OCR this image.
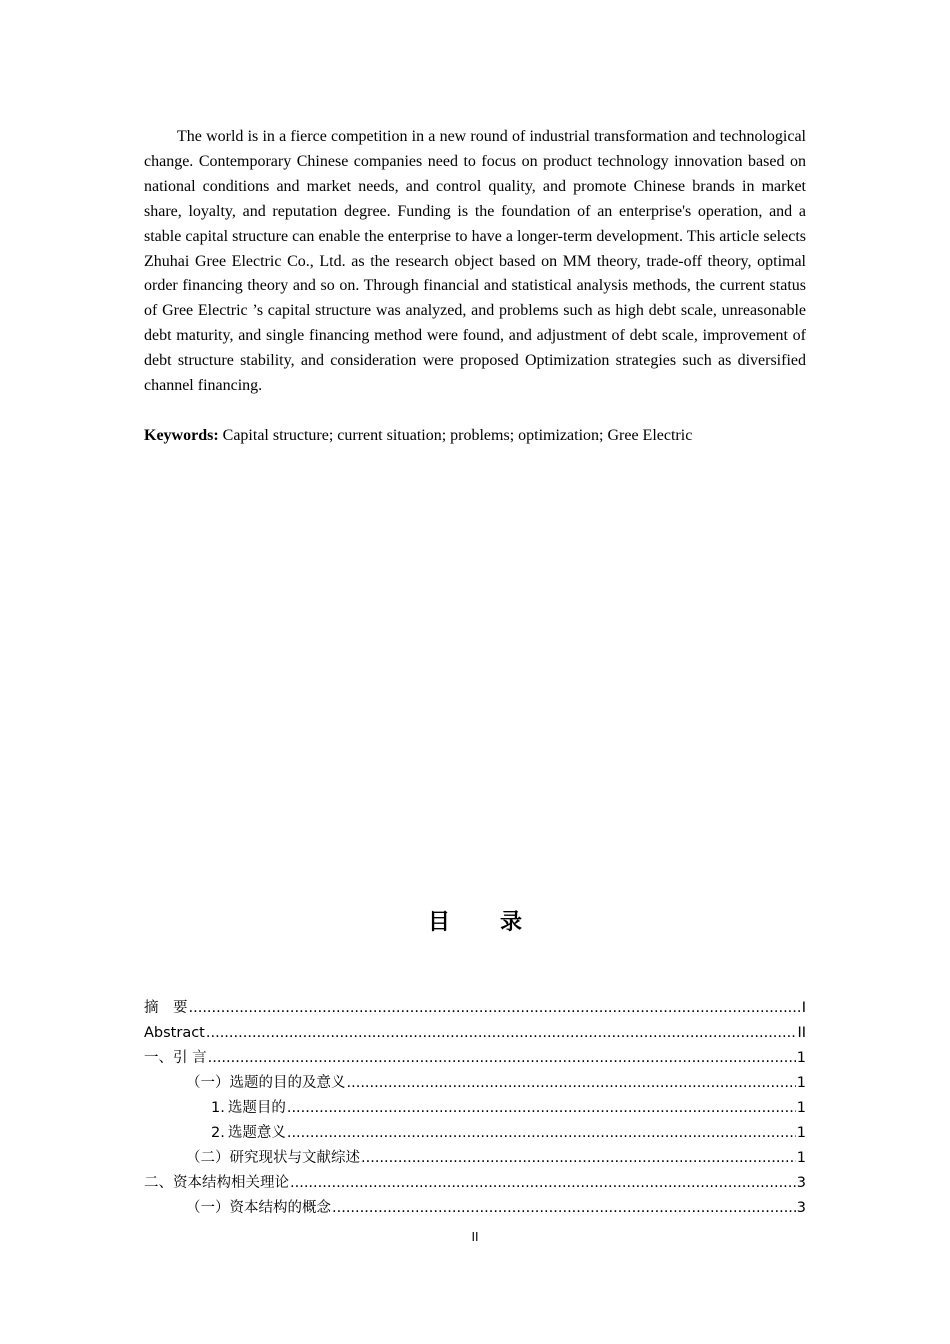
The world is in a fierce competition in a new round of industrial transformation and technological change. Contemporary Chinese companies need to focus on product technology innovation based on national conditions and market needs, and control quality, and promote Chinese brands in market share, loyalty, and reputation degree. Funding is the foundation of an enterprise's operation, and a stable capital structure can enable the enterprise to have a longer-term development. This article selects Zhuhai Gree Electric Co., Ltd. as the research object based on MM theory, trade-off theory, optimal order financing theory and so on. Through financial and statistical analysis methods, the current status of Gree Electric ’s capital structure was analyzed, and problems such as high debt scale, unreasonable debt maturity, and single financing method were found, and adjustment of debt scale, improvement of debt structure stability, and consideration were proposed Optimization strategies such as diversified channel financing.

Keywords: Capital structure; current situation; problems; optimization; Gree Electric
目 录
摘　要 .....	I
Abstract .....	II
一、 引 言 .....	1
（一） 选题的目的及意义 .....	1
1. 选题目的 .....	1
2. 选题意义 .....	1
（二） 研究现状与文献综述 .....	1
二、 资本结构相关理论 .....	3
（一） 资本结构的概念 .....	3
II
